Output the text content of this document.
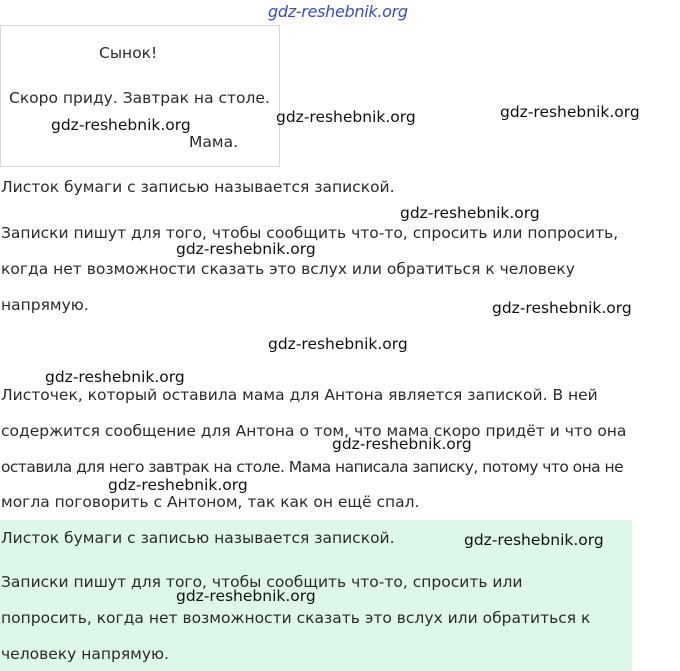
gdz-reshebnik.org
Сынок!
Скоро приду. Завтрак на столе.
Мама.
Листок бумаги с записью называется запиской.
Записки пишут для того, чтобы сообщить что-то, спросить или попросить,
когда нет возможности сказать это вслух или обратиться к человеку
напрямую.
Листочек, который оставила мама для Антона является запиской. В ней
содержится сообщение для Антона о том, что мама скоро придёт и что она
оставила для него завтрак на столе. Мама написала записку, потому что она не
могла поговорить с Антоном, так как он ещё спал.
Листок бумаги с записью называется запиской.
Записки пишут для того, чтобы сообщить что-то, спросить или
попросить, когда нет возможности сказать это вслух или обратиться к
человеку напрямую.
gdz-reshebnik.org	gdz-reshebnik.org	gdz-reshebnik.org
gdz-reshebnik.org
gdz-reshebnik.org
gdz-reshebnik.org
gdz-reshebnik.org
gdz-reshebnik.org
gdz-reshebnik.org
gdz-reshebnik.org
gdz-reshebnik.org
gdz-reshebnik.org
